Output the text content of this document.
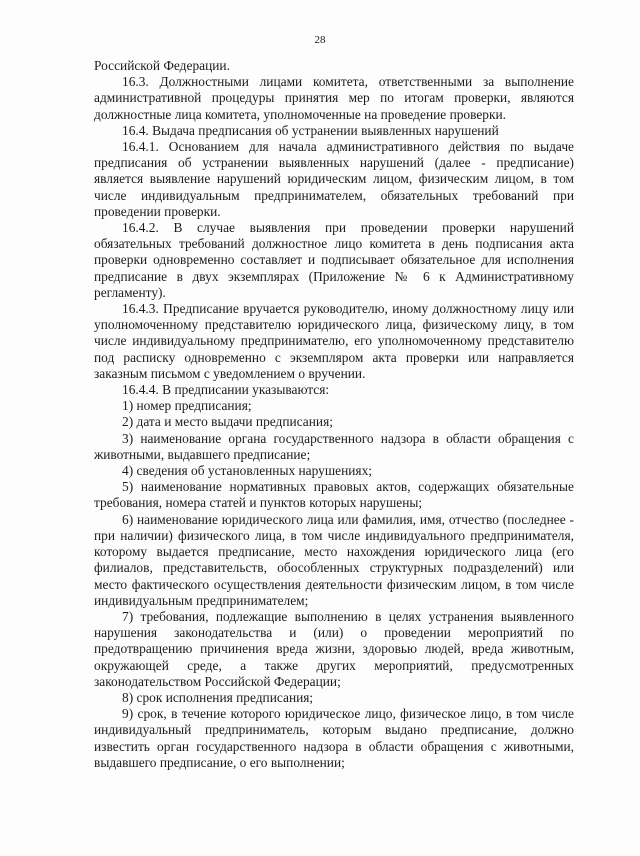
28

Российской Федерации.

16.3. Должностными лицами комитета, ответственными за выполнение административной процедуры принятия мер по итогам проверки, являются должностные лица комитета, уполномоченные на проведение проверки.

16.4. Выдача предписания об устранении выявленных нарушений

16.4.1. Основанием для начала административного действия по выдаче предписания об устранении выявленных нарушений (далее - предписание) является выявление нарушений юридическим лицом, физическим лицом, в том числе индивидуальным предпринимателем, обязательных требований при проведении проверки.

16.4.2. В случае выявления при проведении проверки нарушений обязательных требований должностное лицо комитета в день подписания акта проверки одновременно составляет и подписывает обязательное для исполнения предписание в двух экземплярах (Приложение № 6 к Административному регламенту).

16.4.3. Предписание вручается руководителю, иному должностному лицу или уполномоченному представителю юридического лица, физическому лицу, в том числе индивидуальному предпринимателю, его уполномоченному представителю под расписку одновременно с экземпляром акта проверки или направляется заказным письмом с уведомлением о вручении.

16.4.4. В предписании указываются:

1) номер предписания;

2) дата и место выдачи предписания;

3) наименование органа государственного надзора в области обращения с животными, выдавшего предписание;

4) сведения об установленных нарушениях;

5) наименование нормативных правовых актов, содержащих обязательные требования, номера статей и пунктов которых нарушены;

6) наименование юридического лица или фамилия, имя, отчество (последнее - при наличии) физического лица, в том числе индивидуального предпринимателя, которому выдается предписание, место нахождения юридического лица (его филиалов, представительств, обособленных структурных подразделений) или место фактического осуществления деятельности физическим лицом, в том числе индивидуальным предпринимателем;

7) требования, подлежащие выполнению в целях устранения выявленного нарушения законодательства и (или) о проведении мероприятий по предотвращению причинения вреда жизни, здоровью людей, вреда животным, окружающей среде, а также других мероприятий, предусмотренных законодательством Российской Федерации;

8) срок исполнения предписания;

9) срок, в течение которого юридическое лицо, физическое лицо, в том числе индивидуальный предприниматель, которым выдано предписание, должно известить орган государственного надзора в области обращения с животными, выдавшего предписание, о его выполнении;
